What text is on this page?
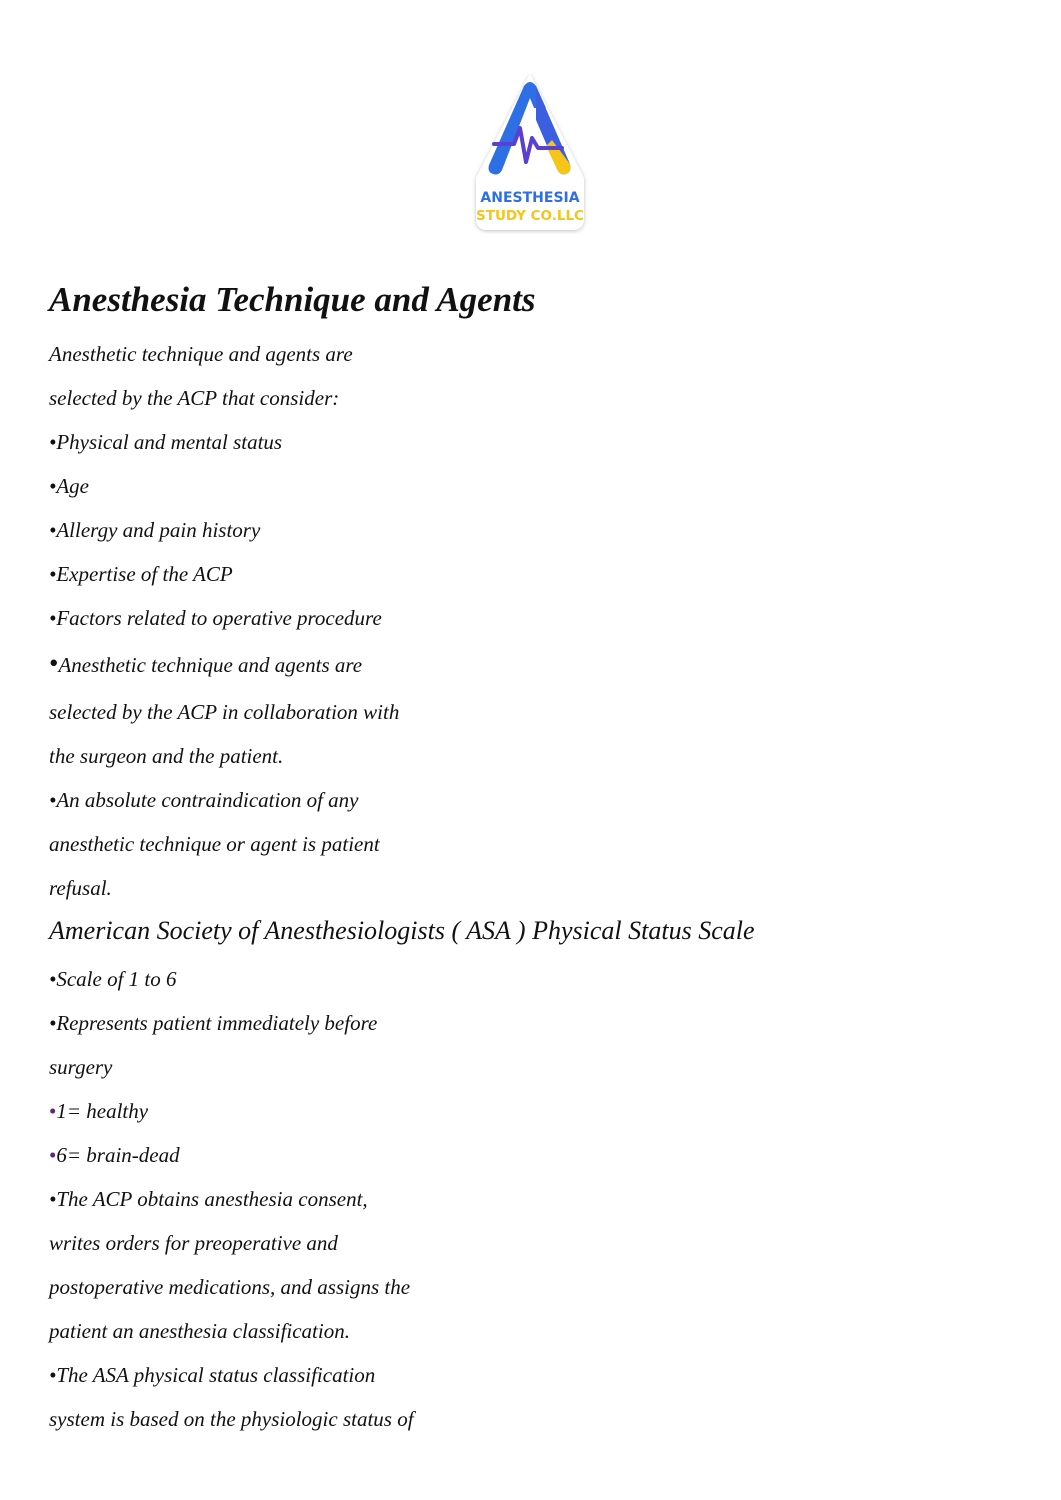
ANESTHESIA
STUDY CO.LLC
Anesthesia Technique and Agents

Anesthetic technique and agents are

selected by the ACP that consider:

•Physical and mental status

•Age

•Allergy and pain history

•Expertise of the ACP

•Factors related to operative procedure

•Anesthetic technique and agents are

selected by the ACP in collaboration with

the surgeon and the patient.

•An absolute contraindication of any

anesthetic technique or agent is patient

refusal.

American Society of Anesthesiologists ( ASA ) Physical Status Scale

•Scale of 1 to 6

•Represents patient immediately before

surgery

•1= healthy

•6= brain-dead

•The ACP obtains anesthesia consent,

writes orders for preoperative and

postoperative medications, and assigns the

patient an anesthesia classification.

•The ASA physical status classification

system is based on the physiologic status of
